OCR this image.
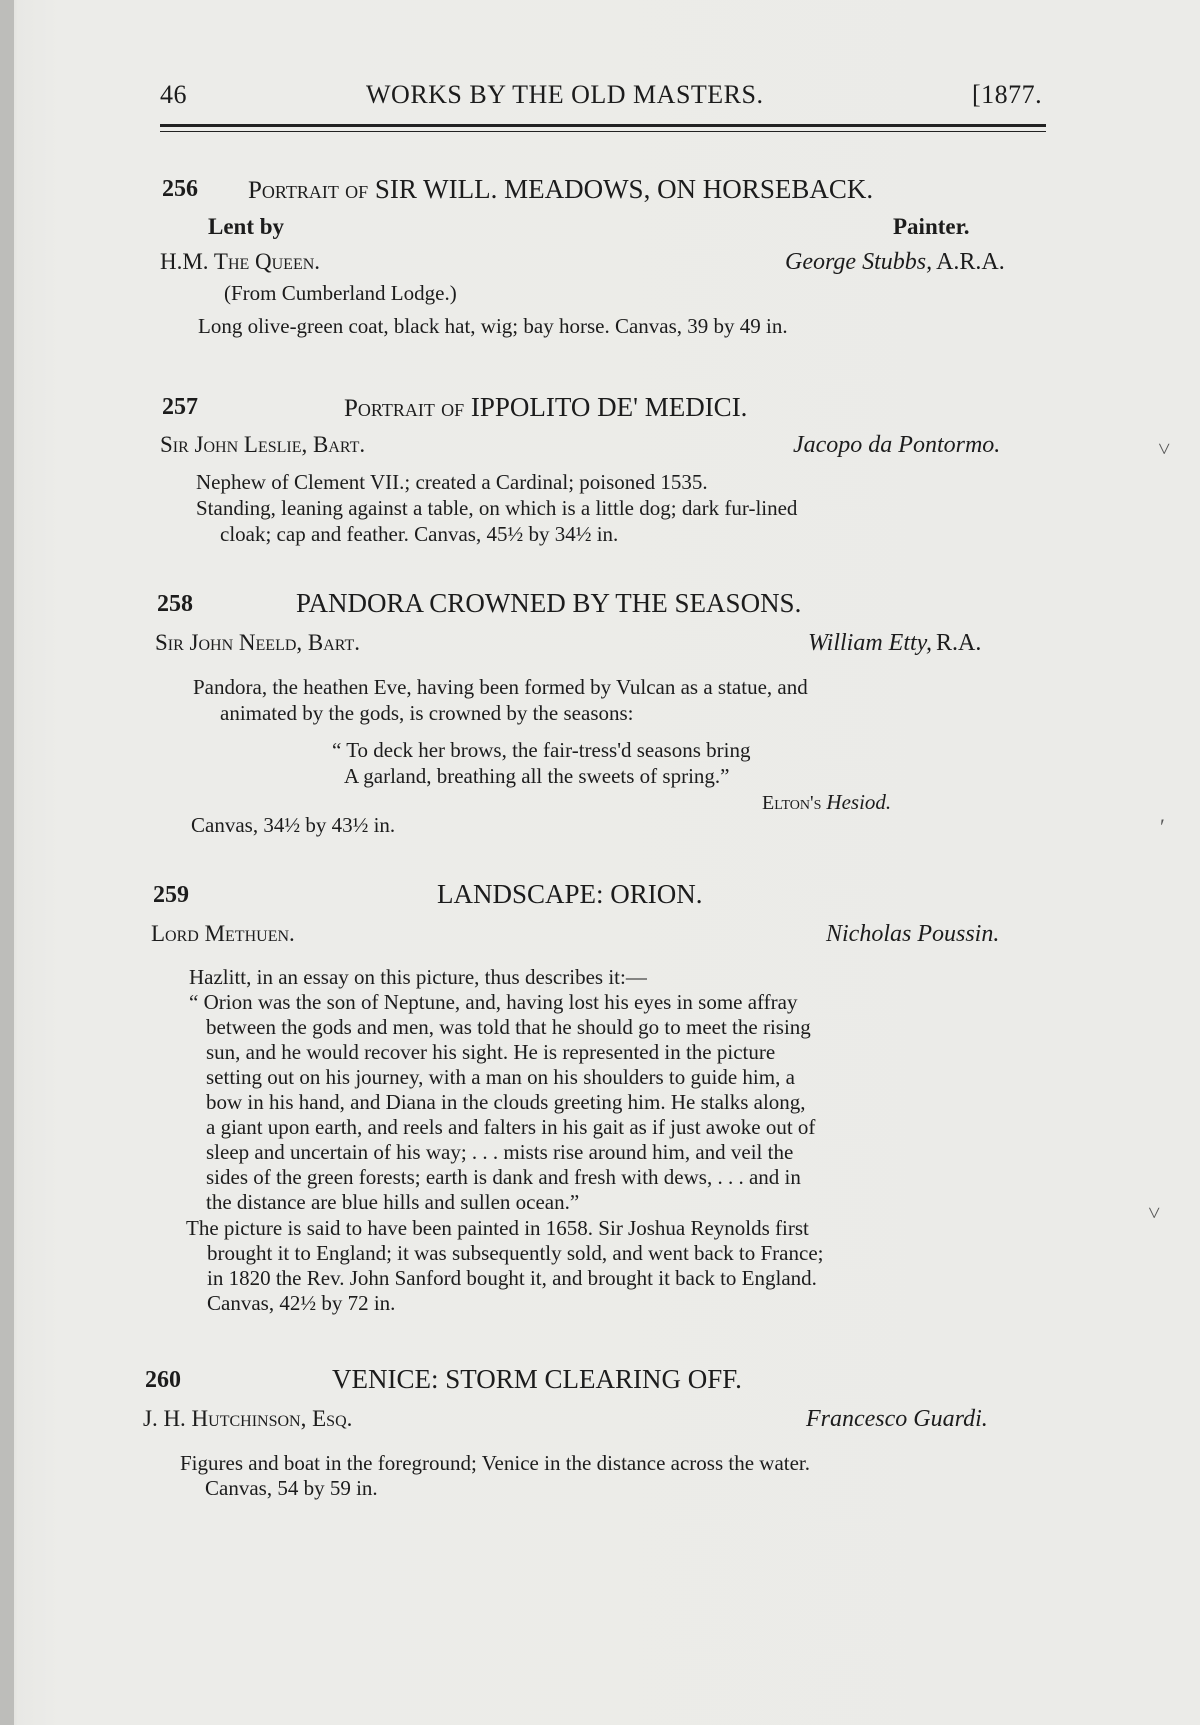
46	WORKS BY THE OLD MASTERS.	[1877.
256 Portrait of SIR WILL. MEADOWS, ON HORSEBACK.
Lent by	Painter.
H.M. The Queen.	George Stubbs, A.R.A.
(From Cumberland Lodge.)
Long olive-green coat, black hat, wig; bay horse. Canvas, 39 by 49 in.
257	Portrait of IPPOLITO DE' MEDICI.
Sir John Leslie, Bart.	Jacopo da Pontormo.
Nephew of Clement VII.; created a Cardinal; poisoned 1535.
Standing, leaning against a table, on which is a little dog; dark fur-lined
cloak; cap and feather. Canvas, 45½ by 34½ in.
258	PANDORA CROWNED BY THE SEASONS.
Sir John Neeld, Bart.	William Etty, R.A.
Pandora, the heathen Eve, having been formed by Vulcan as a statue, and
animated by the gods, is crowned by the seasons:
“ To deck her brows, the fair-tress'd seasons bring
A garland, breathing all the sweets of spring.”
Elton's Hesiod.
Canvas, 34½ by 43½ in.
259	LANDSCAPE: ORION.
Lord Methuen.	Nicholas Poussin.
Hazlitt, in an essay on this picture, thus describes it:—
“ Orion was the son of Neptune, and, having lost his eyes in some affray
between the gods and men, was told that he should go to meet the rising
sun, and he would recover his sight. He is represented in the picture
setting out on his journey, with a man on his shoulders to guide him, a
bow in his hand, and Diana in the clouds greeting him. He stalks along,
a giant upon earth, and reels and falters in his gait as if just awoke out of
sleep and uncertain of his way; . . . mists rise around him, and veil the
sides of the green forests; earth is dank and fresh with dews, . . . and in
the distance are blue hills and sullen ocean.”
The picture is said to have been painted in 1658. Sir Joshua Reynolds first
brought it to England; it was subsequently sold, and went back to France;
in 1820 the Rev. John Sanford bought it, and brought it back to England.
Canvas, 42½ by 72 in.
260	VENICE: STORM CLEARING OFF.
J. H. Hutchinson, Esq.	Francesco Guardi.
Figures and boat in the foreground; Venice in the distance across the water.
Canvas, 54 by 59 in.
˅
′
˅
